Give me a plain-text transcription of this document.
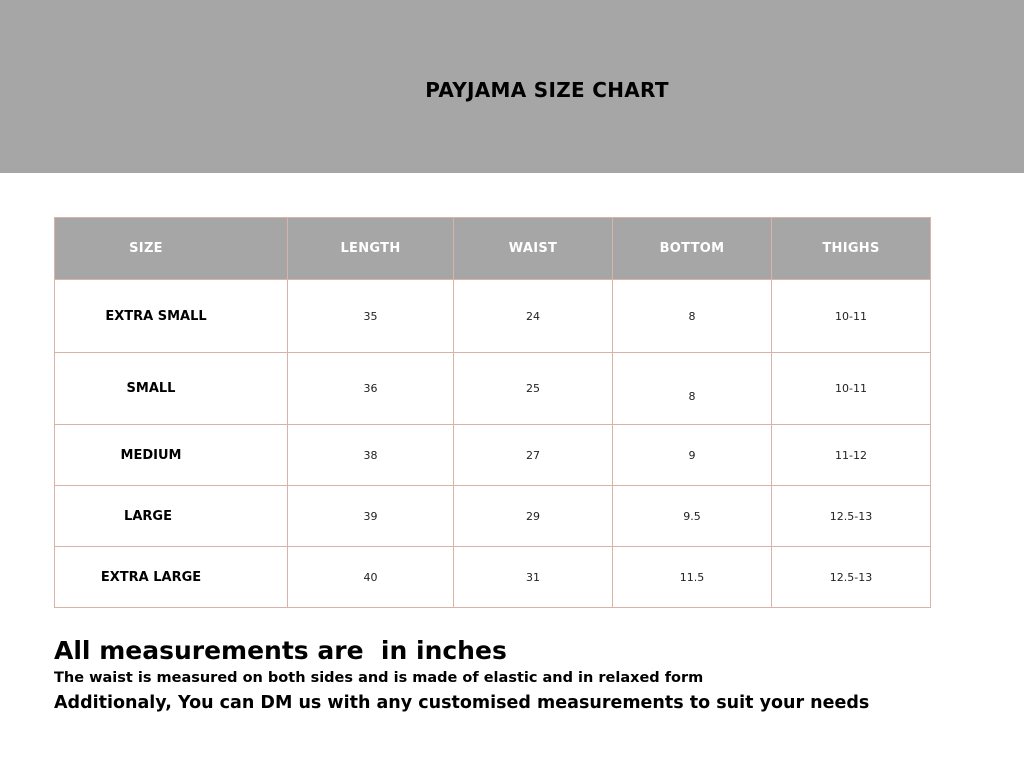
PAYJAMA SIZE CHART
SIZE	LENGTH	WAIST	BOTTOM	THIGHS
EXTRA SMALL	35	24	8	10-11
SMALL	36	25	8	10-11
MEDIUM	38	27	9	11-12
LARGE	39	29	9.5	12.5-13
EXTRA LARGE	40	31	11.5	12.5-13
All measurements are  in inches
The waist is measured on both sides and is made of elastic and in relaxed form
Additionaly, You can DM us with any customised measurements to suit your needs
